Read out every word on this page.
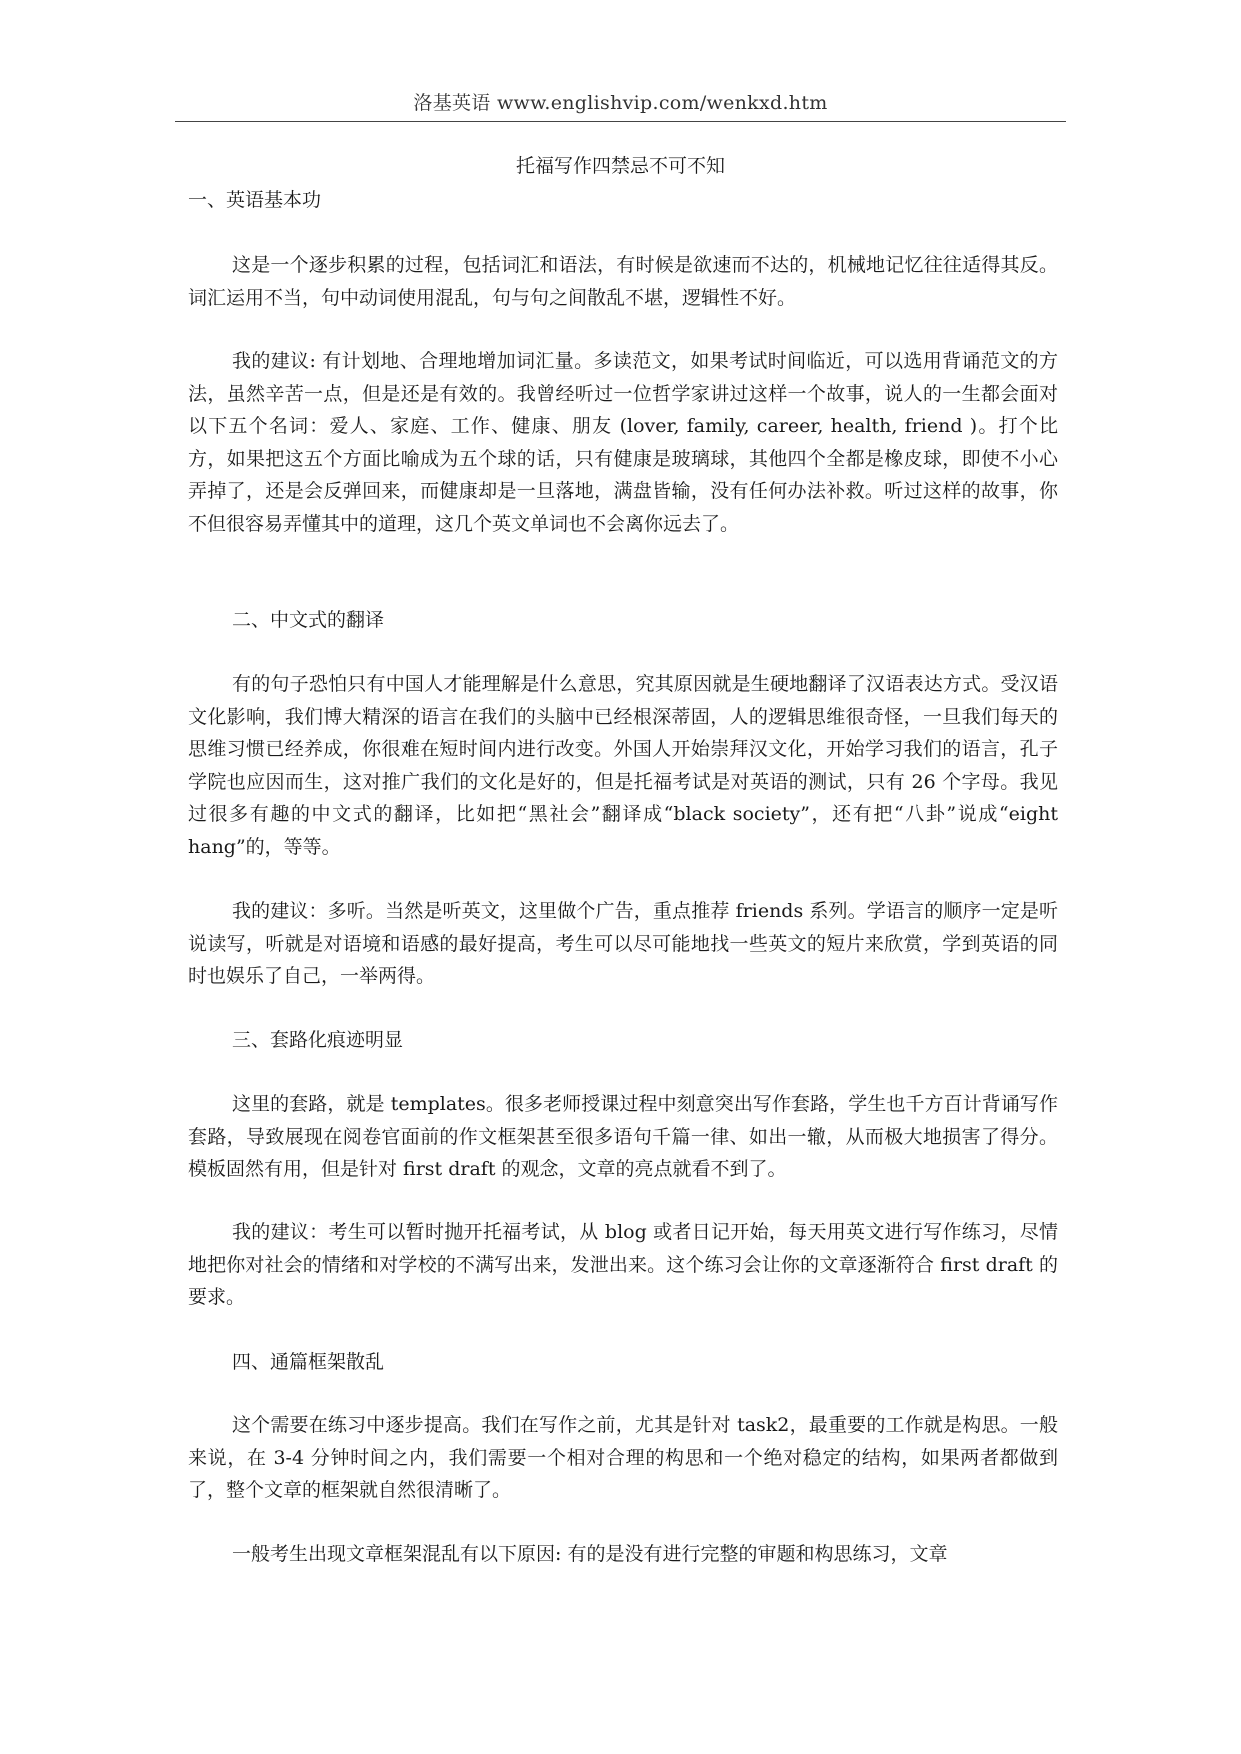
洛基英语 www.englishvip.com/wenkxd.htm
托福写作四禁忌不可不知
一、英语基本功

这是一个逐步积累的过程，包括词汇和语法，有时候是欲速而不达的，机械地记忆往往适得其反。词汇运用不当，句中动词使用混乱，句与句之间散乱不堪，逻辑性不好。

我的建议: 有计划地、合理地增加词汇量。多读范文，如果考试时间临近，可以选用背诵范文的方法，虽然辛苦一点，但是还是有效的。我曾经听过一位哲学家讲过这样一个故事，说人的一生都会面对以下五个名词：爱人、家庭、工作、健康、朋友 (lover, family, career, health, friend )。打个比方，如果把这五个方面比喻成为五个球的话，只有健康是玻璃球，其他四个全都是橡皮球，即使不小心弄掉了，还是会反弹回来，而健康却是一旦落地，满盘皆输，没有任何办法补救。听过这样的故事，你不但很容易弄懂其中的道理，这几个英文单词也不会离你远去了。

二、中文式的翻译

有的句子恐怕只有中国人才能理解是什么意思，究其原因就是生硬地翻译了汉语表达方式。受汉语文化影响，我们博大精深的语言在我们的头脑中已经根深蒂固，人的逻辑思维很奇怪，一旦我们每天的思维习惯已经养成，你很难在短时间内进行改变。外国人开始崇拜汉文化，开始学习我们的语言，孔子学院也应因而生，这对推广我们的文化是好的，但是托福考试是对英语的测试，只有 26 个字母。我见过很多有趣的中文式的翻译，比如把“黑社会”翻译成“black society”，还有把“八卦”说成“eight hang”的，等等。

我的建议：多听。当然是听英文，这里做个广告，重点推荐 friends 系列。学语言的顺序一定是听说读写，听就是对语境和语感的最好提高，考生可以尽可能地找一些英文的短片来欣赏，学到英语的同时也娱乐了自己，一举两得。

三、套路化痕迹明显

这里的套路，就是 templates。很多老师授课过程中刻意突出写作套路，学生也千方百计背诵写作套路，导致展现在阅卷官面前的作文框架甚至很多语句千篇一律、如出一辙，从而极大地损害了得分。模板固然有用，但是针对 first draft 的观念，文章的亮点就看不到了。

我的建议：考生可以暂时抛开托福考试，从 blog 或者日记开始，每天用英文进行写作练习，尽情地把你对社会的情绪和对学校的不满写出来，发泄出来。这个练习会让你的文章逐渐符合 first draft 的要求。

四、通篇框架散乱

这个需要在练习中逐步提高。我们在写作之前，尤其是针对 task2，最重要的工作就是构思。一般来说，在 3-4 分钟时间之内，我们需要一个相对合理的构思和一个绝对稳定的结构，如果两者都做到了，整个文章的框架就自然很清晰了。

一般考生出现文章框架混乱有以下原因: 有的是没有进行完整的审题和构思练习，文章
